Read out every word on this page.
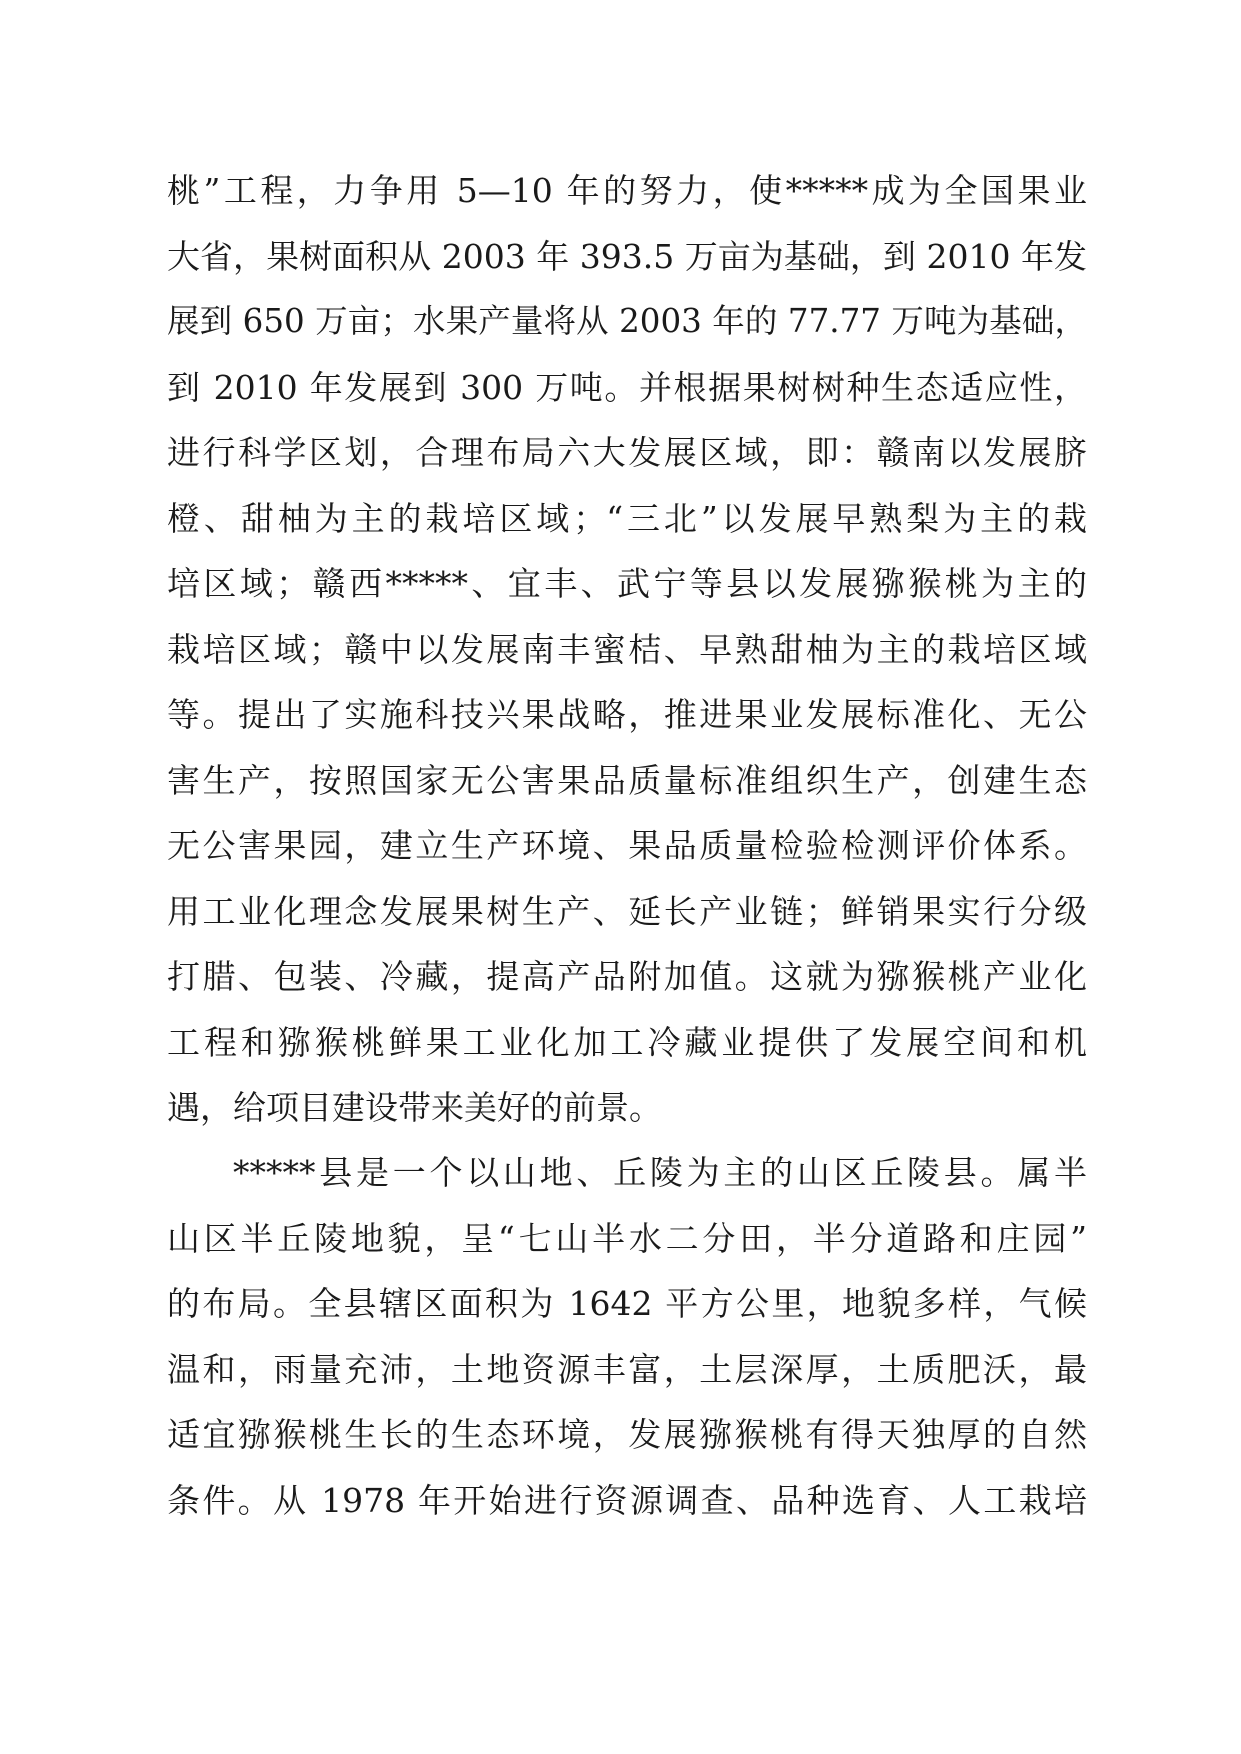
桃”工程，力争用 5—10 年的努力，使*****成为全国果业
大省，果树面积从 2003 年 393.5 万亩为基础，到 2010 年发
展到 650 万亩；水果产量将从 2003 年的 77.77 万吨为基础，
到 2010 年发展到 300 万吨。并根据果树树种生态适应性，
进行科学区划，合理布局六大发展区域，即：赣南以发展脐
橙、甜柚为主的栽培区域；“三北”以发展早熟梨为主的栽
培区域；赣西*****、宜丰、武宁等县以发展猕猴桃为主的
栽培区域；赣中以发展南丰蜜桔、早熟甜柚为主的栽培区域
等。提出了实施科技兴果战略，推进果业发展标准化、无公
害生产，按照国家无公害果品质量标准组织生产，创建生态
无公害果园，建立生产环境、果品质量检验检测评价体系。
用工业化理念发展果树生产、延长产业链；鲜销果实行分级
打腊、包装、冷藏，提高产品附加值。这就为猕猴桃产业化
工程和猕猴桃鲜果工业化加工冷藏业提供了发展空间和机
遇，给项目建设带来美好的前景。
*****县是一个以山地、丘陵为主的山区丘陵县。属半
山区半丘陵地貌，呈“七山半水二分田，半分道路和庄园”
的布局。全县辖区面积为 1642 平方公里，地貌多样，气候
温和，雨量充沛，土地资源丰富，土层深厚，土质肥沃，最
适宜猕猴桃生长的生态环境，发展猕猴桃有得天独厚的自然
条件。从 1978 年开始进行资源调查、品种选育、人工栽培
